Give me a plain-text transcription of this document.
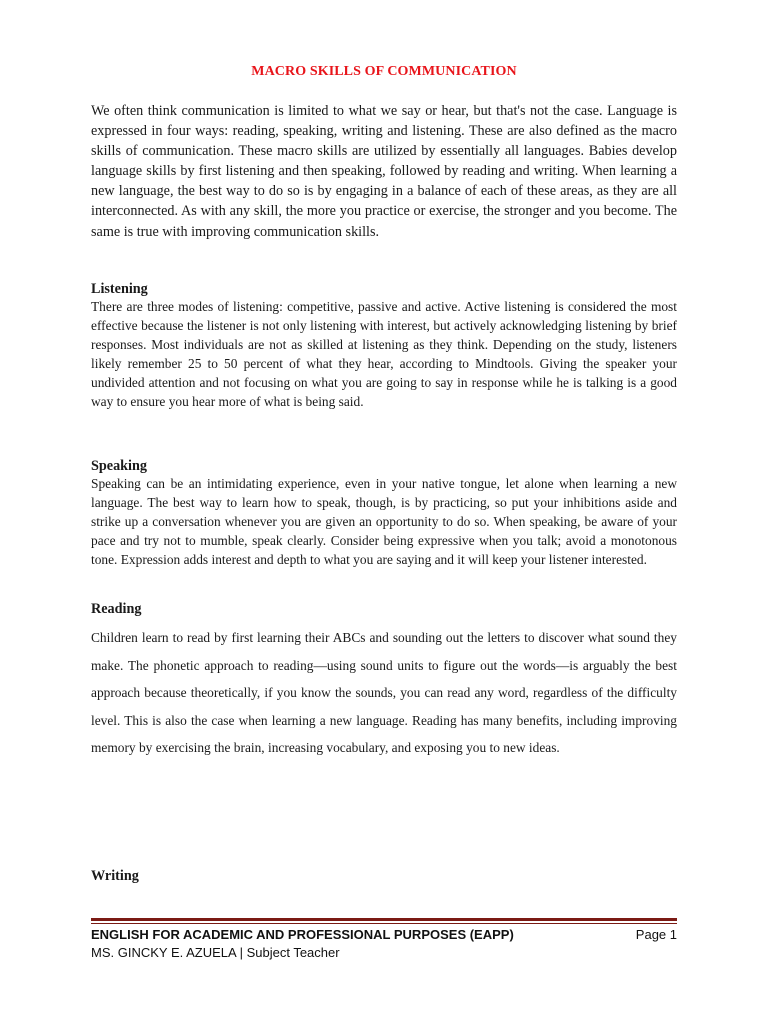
MACRO SKILLS OF COMMUNICATION
We often think communication is limited to what we say or hear, but that's not the case. Language is expressed in four ways: reading, speaking, writing and listening. These are also defined as the macro skills of communication. These macro skills are utilized by essentially all languages. Babies develop language skills by first listening and then speaking, followed by reading and writing. When learning a new language, the best way to do so is by engaging in a balance of each of these areas, as they are all interconnected. As with any skill, the more you practice or exercise, the stronger and you become. The same is true with improving communication skills.
Listening
There are three modes of listening: competitive, passive and active. Active listening is considered the most effective because the listener is not only listening with interest, but actively acknowledging listening by brief responses. Most individuals are not as skilled at listening as they think. Depending on the study, listeners likely remember 25 to 50 percent of what they hear, according to Mindtools. Giving the speaker your undivided attention and not focusing on what you are going to say in response while he is talking is a good way to ensure you hear more of what is being said.
Speaking
Speaking can be an intimidating experience, even in your native tongue, let alone when learning a new language. The best way to learn how to speak, though, is by practicing, so put your inhibitions aside and strike up a conversation whenever you are given an opportunity to do so. When speaking, be aware of your pace and try not to mumble, speak clearly. Consider being expressive when you talk; avoid a monotonous tone. Expression adds interest and depth to what you are saying and it will keep your listener interested.
Reading
Children learn to read by first learning their ABCs and sounding out the letters to discover what sound they make. The phonetic approach to reading—using sound units to figure out the words—is arguably the best approach because theoretically, if you know the sounds, you can read any word, regardless of the difficulty level. This is also the case when learning a new language. Reading has many benefits, including improving memory by exercising the brain, increasing vocabulary, and exposing you to new ideas.
Writing
ENGLISH FOR ACADEMIC AND PROFESSIONAL PURPOSES (EAPP)	Page 1
MS. GINCKY E. AZUELA | Subject Teacher
